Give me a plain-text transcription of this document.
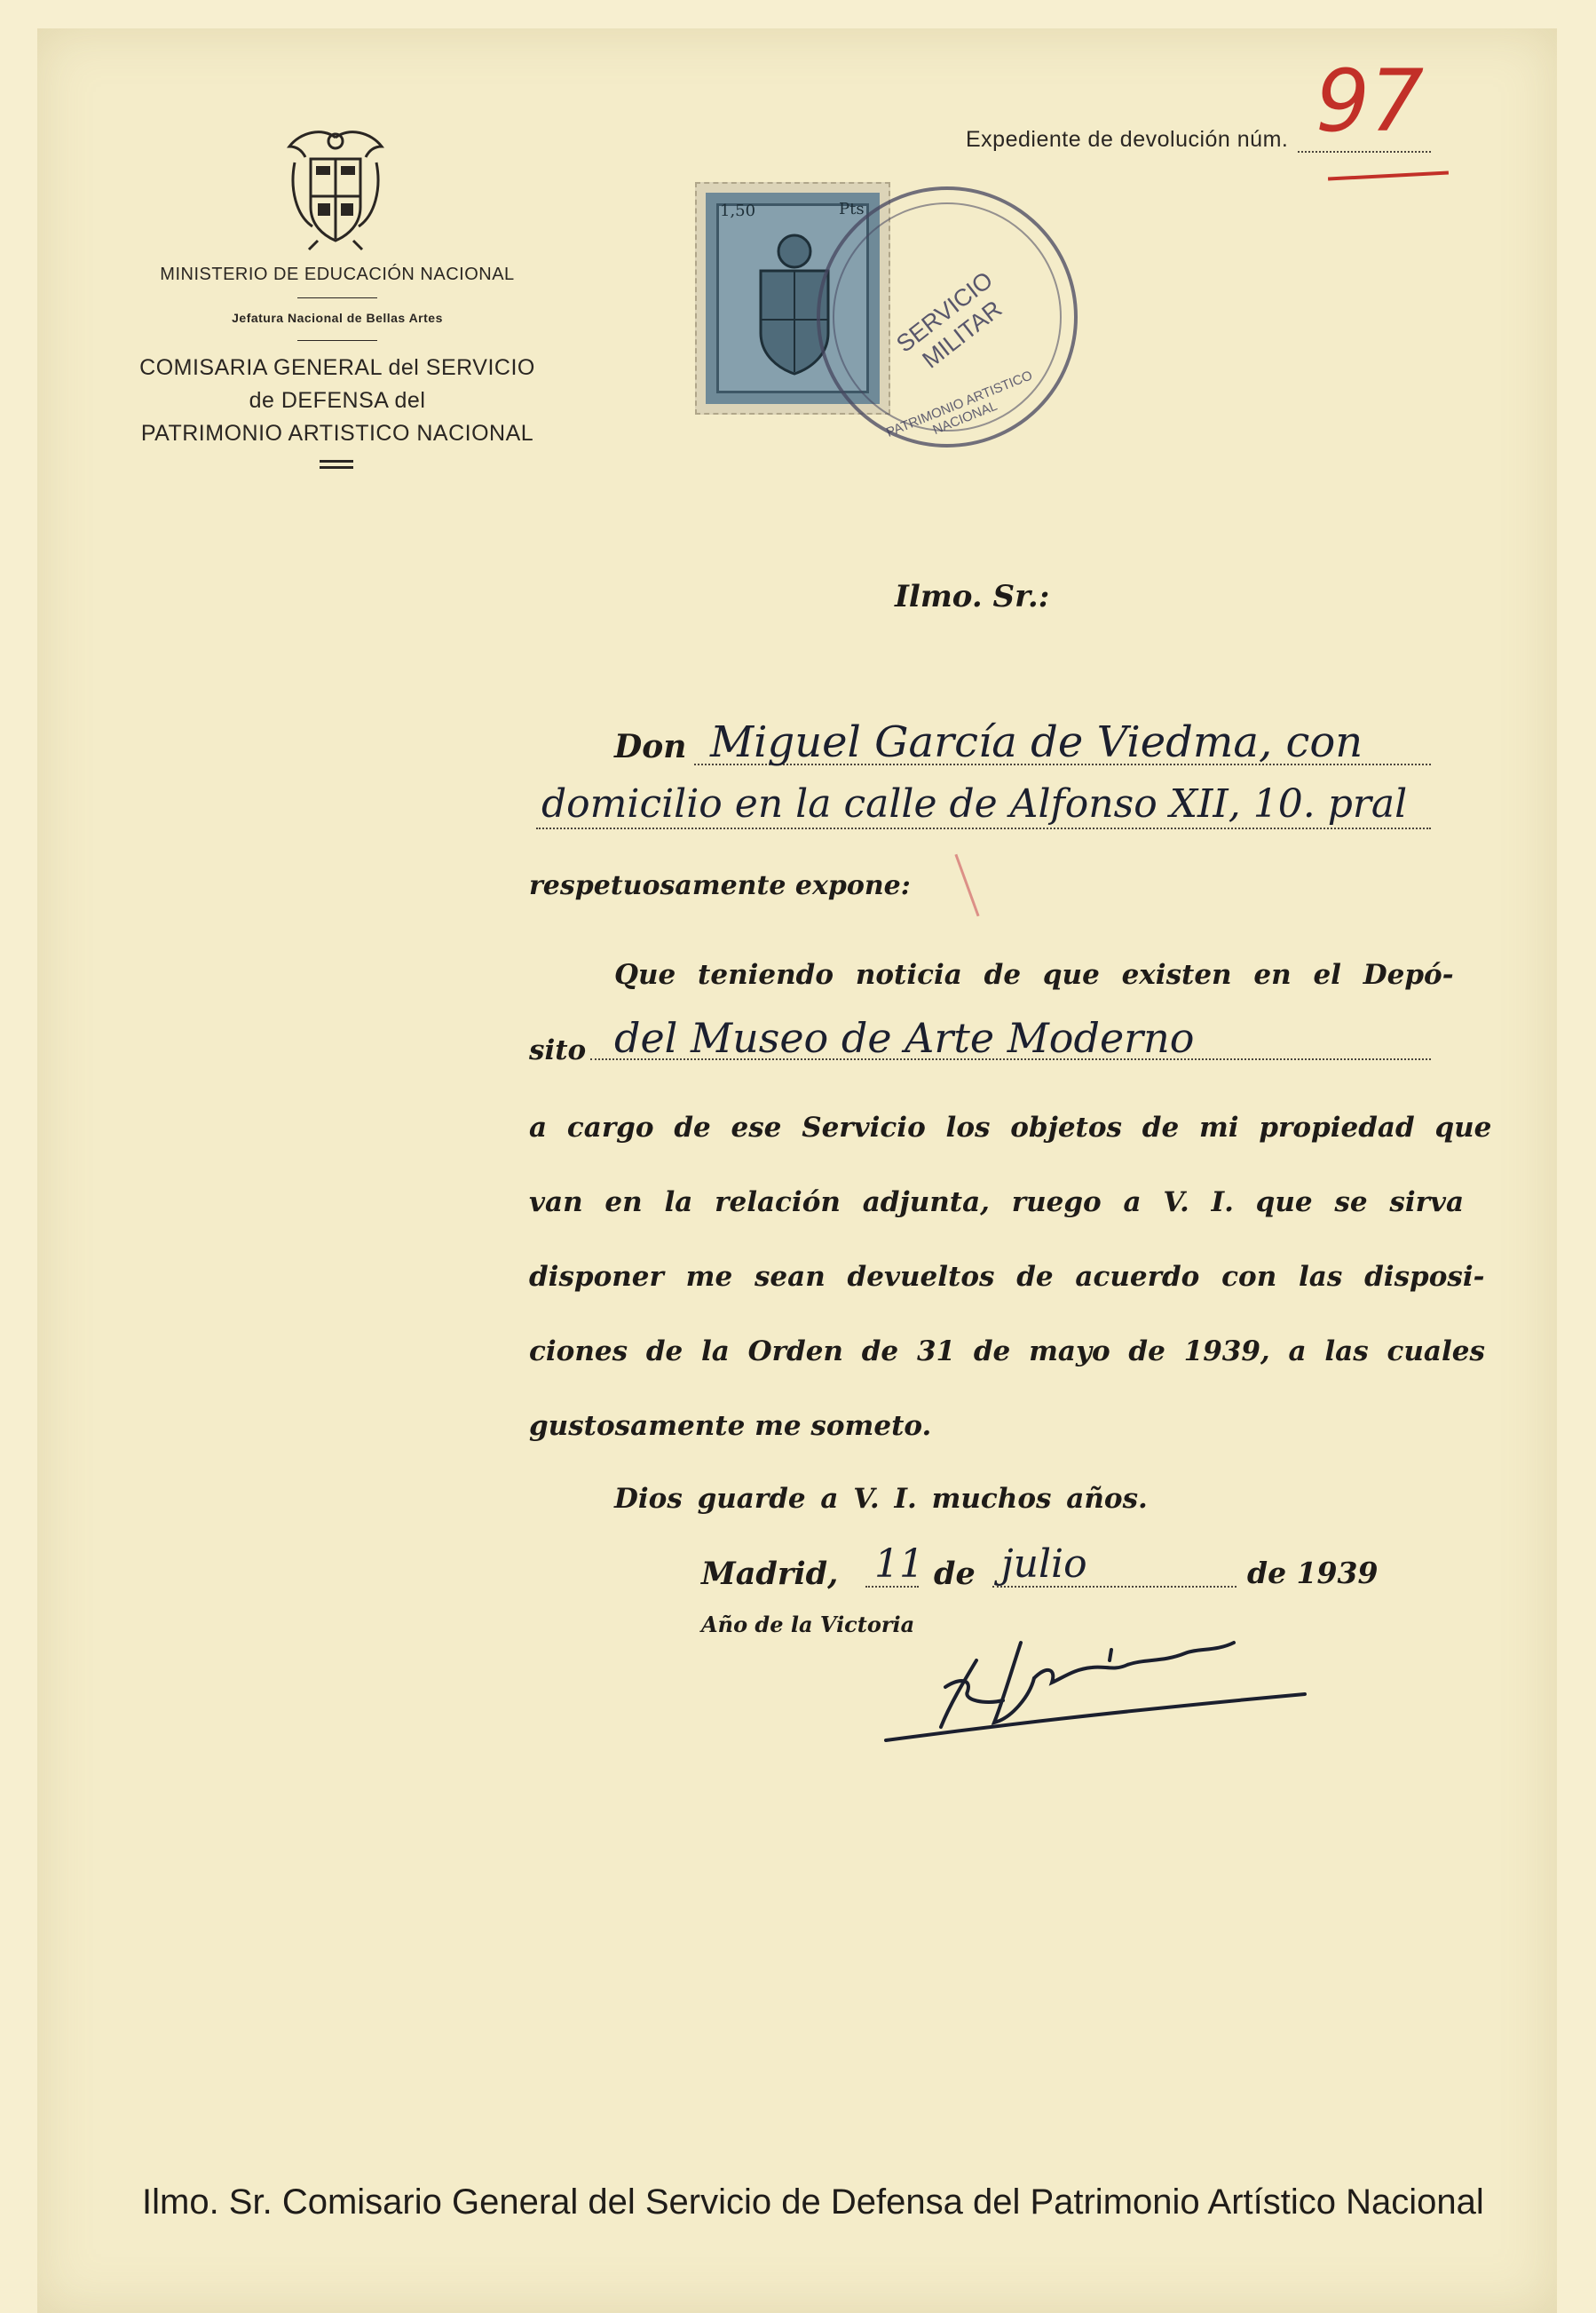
MINISTERIO DE EDUCACIÓN NACIONAL
Jefatura Nacional de Bellas Artes
COMISARIA GENERAL del SERVICIO
de DEFENSA del
PATRIMONIO ARTISTICO NACIONAL
Expediente de devolución núm. 97
1,50	Pts
SERVICIO MILITAR
PATRIMONIO ARTISTICO NACIONAL
Ilmo. Sr.:
Don Miguel García de Viedma, con
domicilio en la calle de Alfonso XII, 10. pral
respetuosamente expone:
Que teniendo noticia de que existen en el Depó-
sito del Museo de Arte Moderno
a cargo de ese Servicio los objetos de mi propiedad que
van en la relación adjunta, ruego a V. I. que se sirva
disponer me sean devueltos de acuerdo con las disposi-
ciones de la Orden de 31 de mayo de 1939, a las cuales
gustosamente me someto.
Dios guarde a V. I. muchos años.
Madrid, 11 de julio	de 1939
Año de la Victoria
Ilmo. Sr. Comisario General del Servicio de Defensa del Patrimonio Artístico Nacional
